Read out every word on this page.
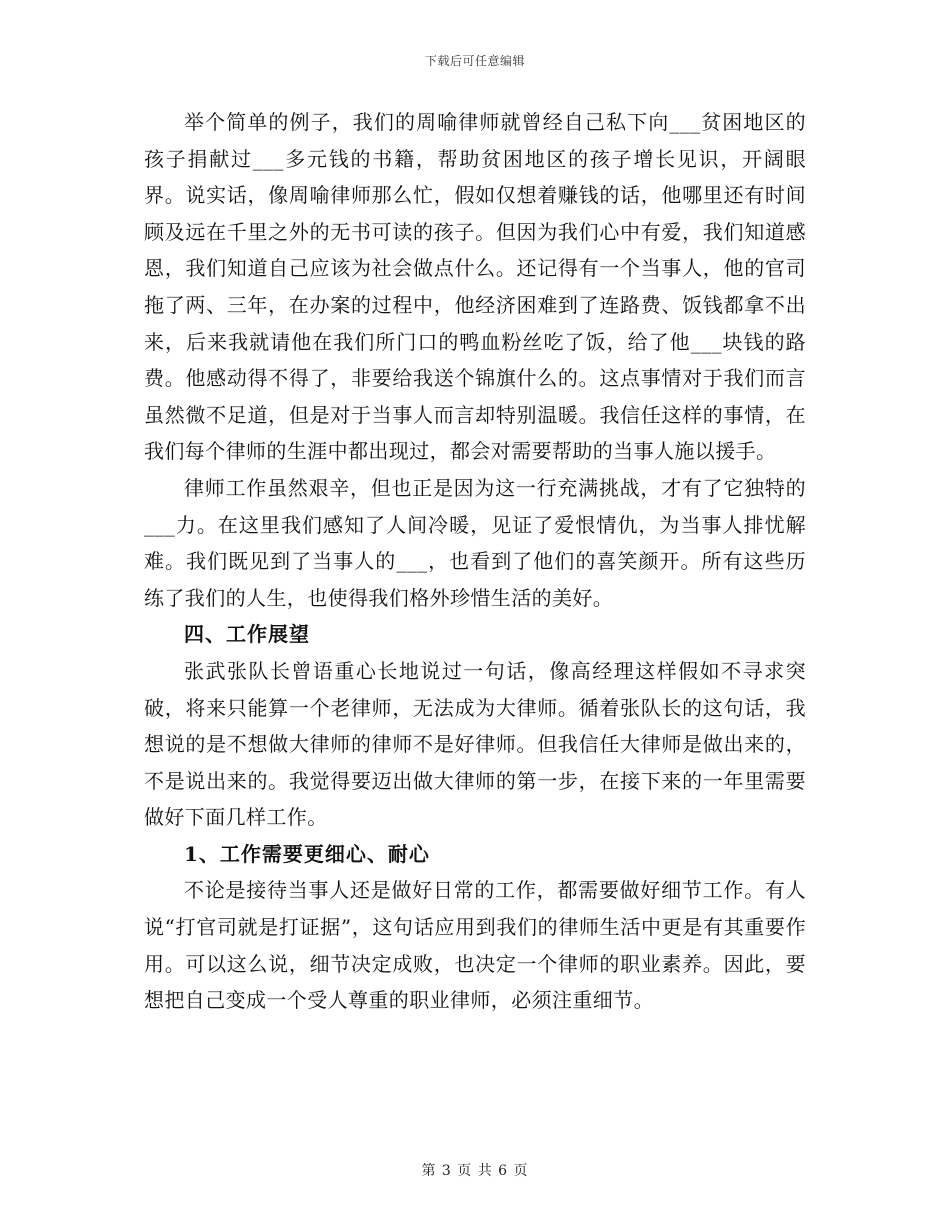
下载后可任意编辑

举个简单的例子，我们的周喻律师就曾经自己私下向___贫困地区的孩子捐献过___多元钱的书籍，帮助贫困地区的孩子增长见识，开阔眼界。说实话，像周喻律师那么忙，假如仅想着赚钱的话，他哪里还有时间顾及远在千里之外的无书可读的孩子。但因为我们心中有爱，我们知道感恩，我们知道自己应该为社会做点什么。还记得有一个当事人，他的官司拖了两、三年，在办案的过程中，他经济困难到了连路费、饭钱都拿不出来，后来我就请他在我们所门口的鸭血粉丝吃了饭，给了他___块钱的路费。他感动得不得了，非要给我送个锦旗什么的。这点事情对于我们而言虽然微不足道，但是对于当事人而言却特别温暖。我信任这样的事情，在我们每个律师的生涯中都出现过，都会对需要帮助的当事人施以援手。

律师工作虽然艰辛，但也正是因为这一行充满挑战，才有了它独特的___力。在这里我们感知了人间冷暖，见证了爱恨情仇，为当事人排忧解难。我们既见到了当事人的___，也看到了他们的喜笑颜开。所有这些历练了我们的人生，也使得我们格外珍惜生活的美好。

四、工作展望

张武张队长曾语重心长地说过一句话，像高经理这样假如不寻求突破，将来只能算一个老律师，无法成为大律师。循着张队长的这句话，我想说的是不想做大律师的律师不是好律师。但我信任大律师是做出来的，不是说出来的。我觉得要迈出做大律师的第一步，在接下来的一年里需要做好下面几样工作。

1、工作需要更细心、耐心

不论是接待当事人还是做好日常的工作，都需要做好细节工作。有人说“打官司就是打证据”，这句话应用到我们的律师生活中更是有其重要作用。可以这么说，细节决定成败，也决定一个律师的职业素养。因此，要想把自己变成一个受人尊重的职业律师，必须注重细节。

第 3 页 共 6 页
